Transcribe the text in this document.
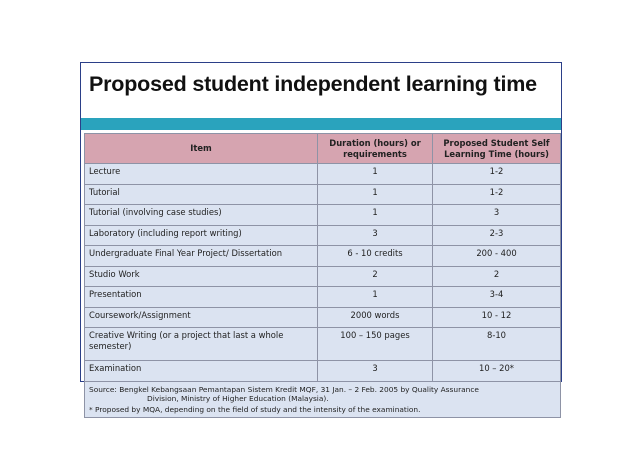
Proposed student independent learning time
Item	Duration (hours) or requirements	Proposed Student Self Learning Time (hours)
Lecture	1	1-2
Tutorial	1	1-2
Tutorial (involving case studies)	1	3
Laboratory (including report writing)	3	2-3
Undergraduate Final Year Project/ Dissertation	6 - 10 credits	200 - 400
Studio Work	2	2
Presentation	1	3-4
Coursework/Assignment	2000 words	10 - 12
Creative Writing (or a project that last a whole semester)	100 – 150 pages	8-10
Examination	3	10 – 20*
Source: Bengkel Kebangsaan Pemantapan Sistem Kredit MQF, 31 Jan. – 2 Feb. 2005 by Quality Assurance
Division, Ministry of Higher Education (Malaysia).
* Proposed by MQA, depending on the field of study and the intensity of the examination.		
